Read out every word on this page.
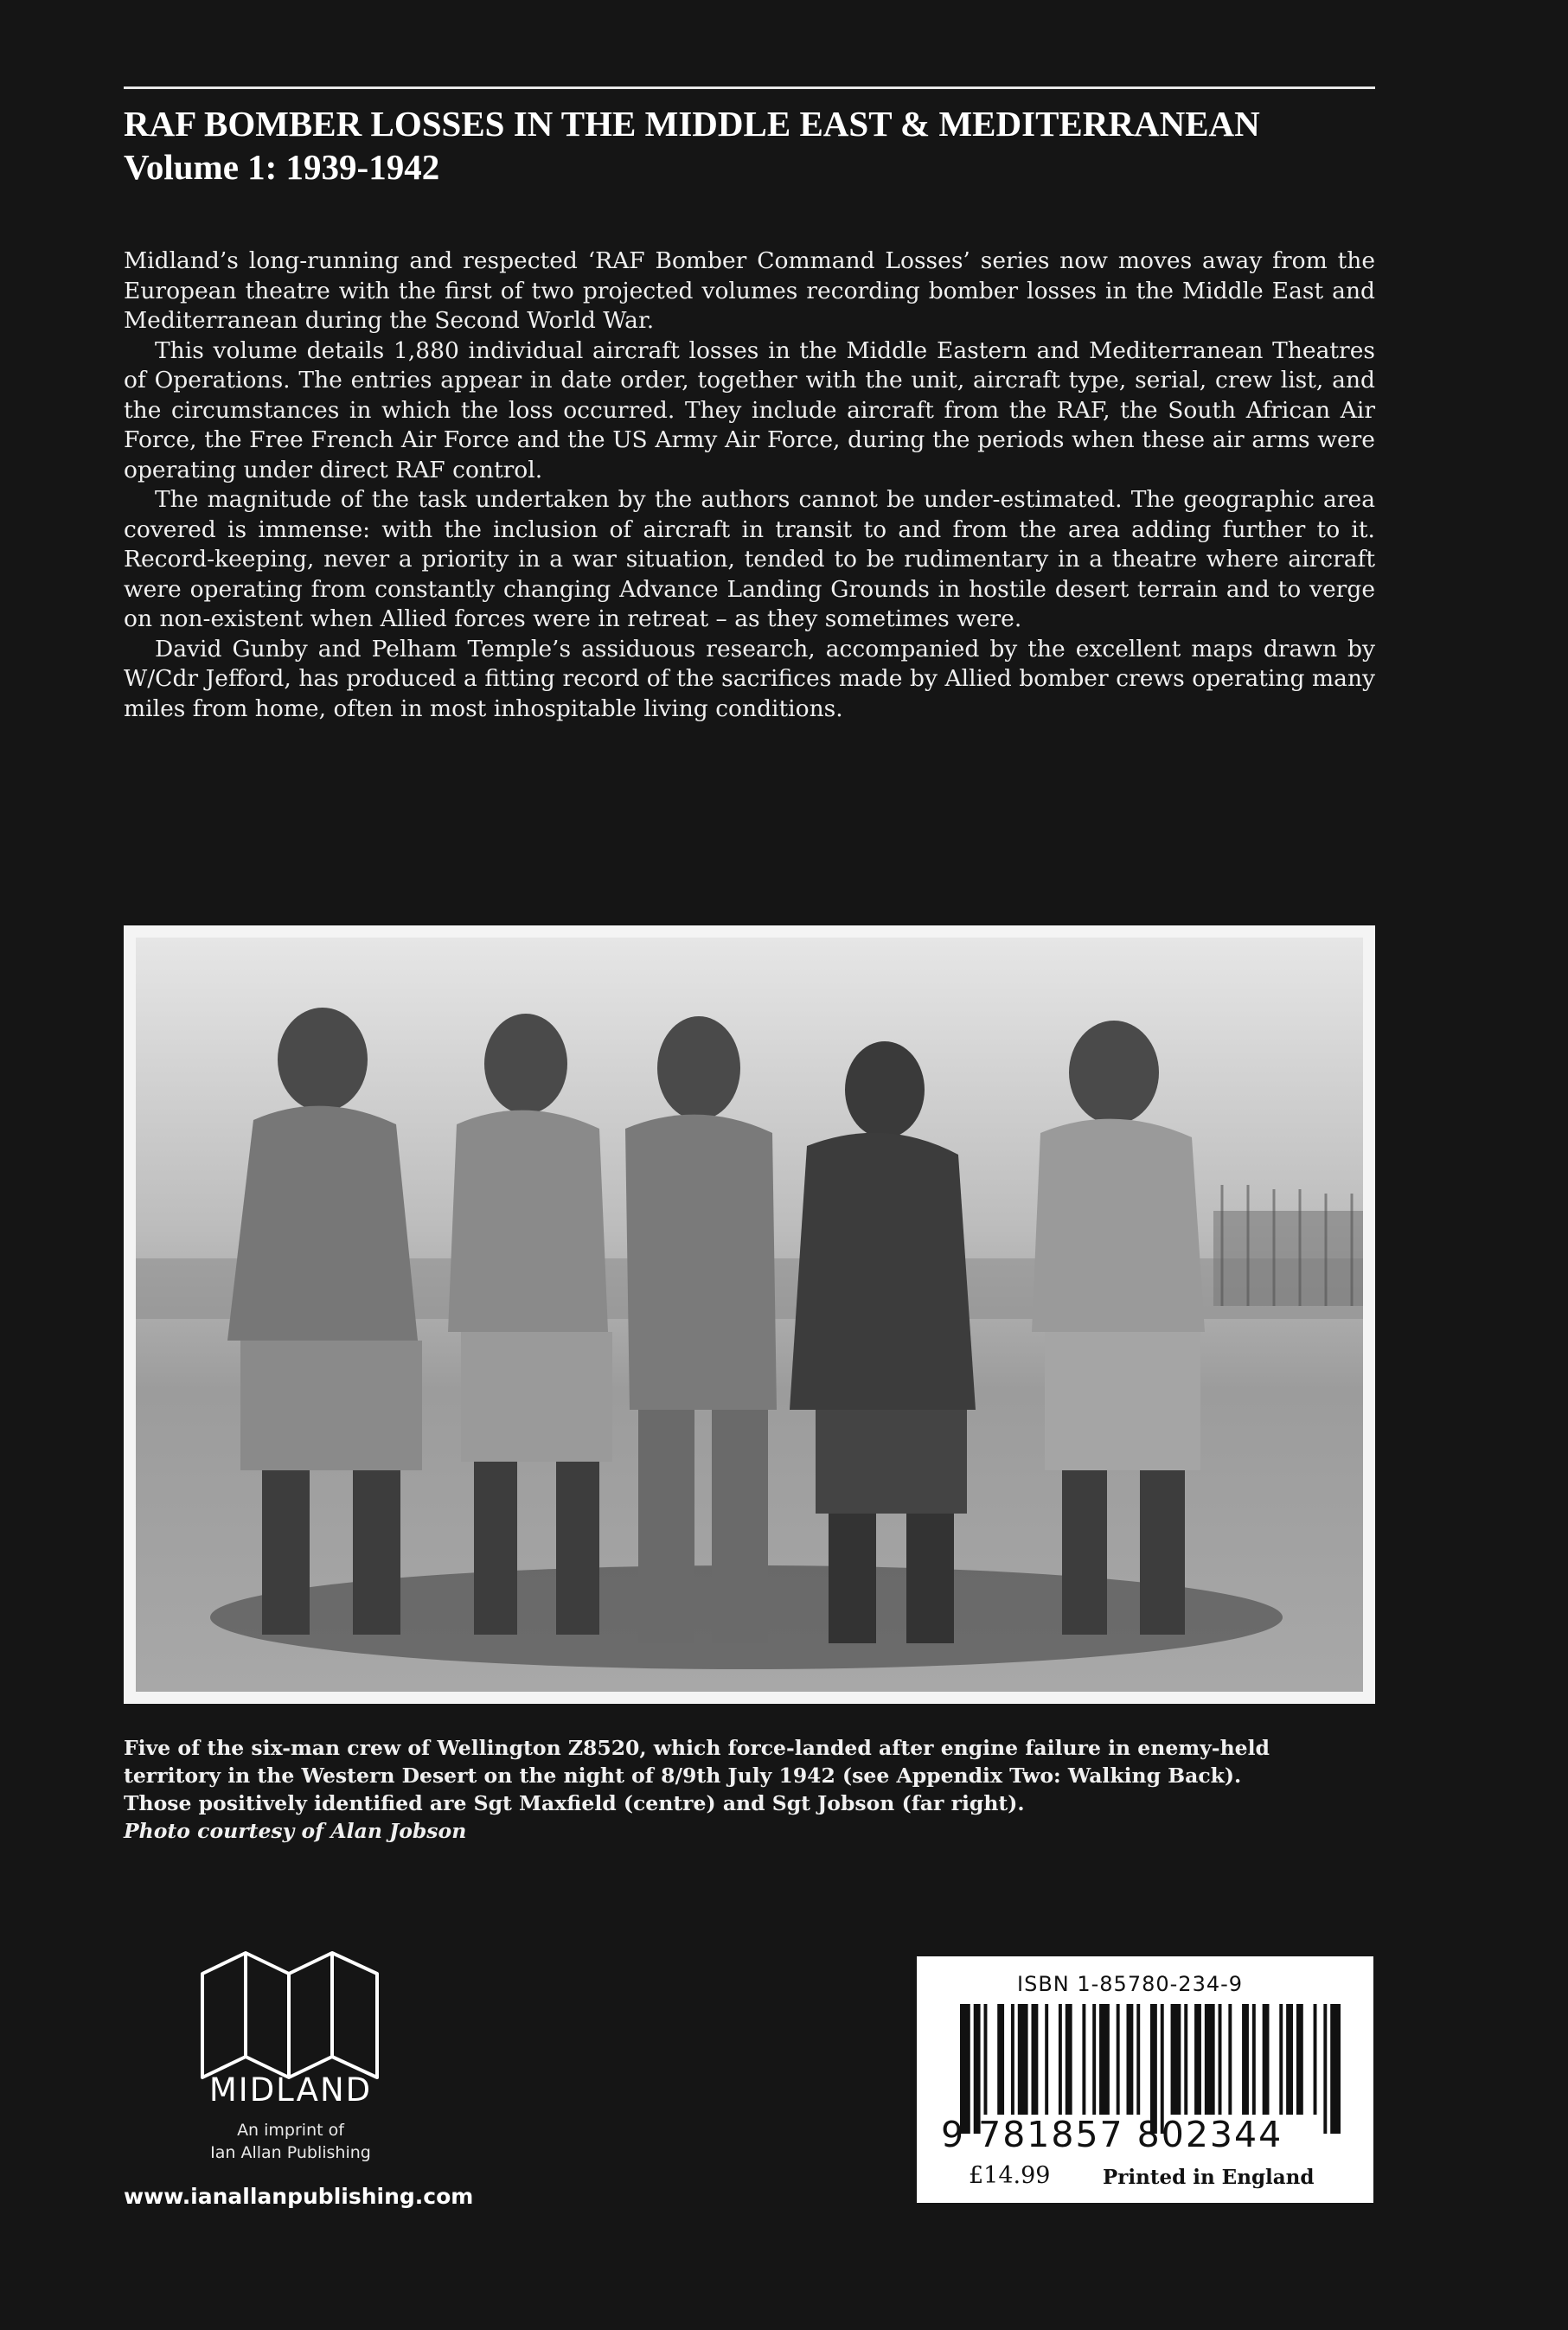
RAF BOMBER LOSSES IN THE MIDDLE EAST & MEDITERRANEAN
Volume 1: 1939-1942

Midland’s long-running and respected ‘RAF Bomber Command Losses’ series now moves away from the European theatre with the first of two projected volumes recording bomber losses in the Middle East and Mediterranean during the Second World War.

This volume details 1,880 individual aircraft losses in the Middle Eastern and Mediterranean Theatres of Operations. The entries appear in date order, together with the unit, aircraft type, serial, crew list, and the circumstances in which the loss occurred. They include aircraft from the RAF, the South African Air Force, the Free French Air Force and the US Army Air Force, during the periods when these air arms were operating under direct RAF control.

The magnitude of the task undertaken by the authors cannot be under-estimated. The geographic area covered is immense: with the inclusion of aircraft in transit to and from the area adding further to it. Record-keeping, never a priority in a war situation, tended to be rudimentary in a theatre where aircraft were operating from constantly changing Advance Landing Grounds in hostile desert terrain and to verge on non-existent when Allied forces were in retreat – as they sometimes were.

David Gunby and Pelham Temple’s assiduous research, accompanied by the excellent maps drawn by W/Cdr Jefford, has produced a fitting record of the sacrifices made by Allied bomber crews operating many miles from home, often in most inhospitable living conditions.

Five of the six-man crew of Wellington Z8520, which force-landed after engine failure in enemy-held
territory in the Western Desert on the night of 8/9th July 1942 (see Appendix Two: Walking Back).
Those positively identified are Sgt Maxfield (centre) and Sgt Jobson (far right).
Photo courtesy of Alan Jobson
MIDLAND
An imprint of
Ian Allan Publishing
www.ianallanpublishing.com
ISBN 1-85780-234-9
9 781857 802344
£14.99	Printed in England
